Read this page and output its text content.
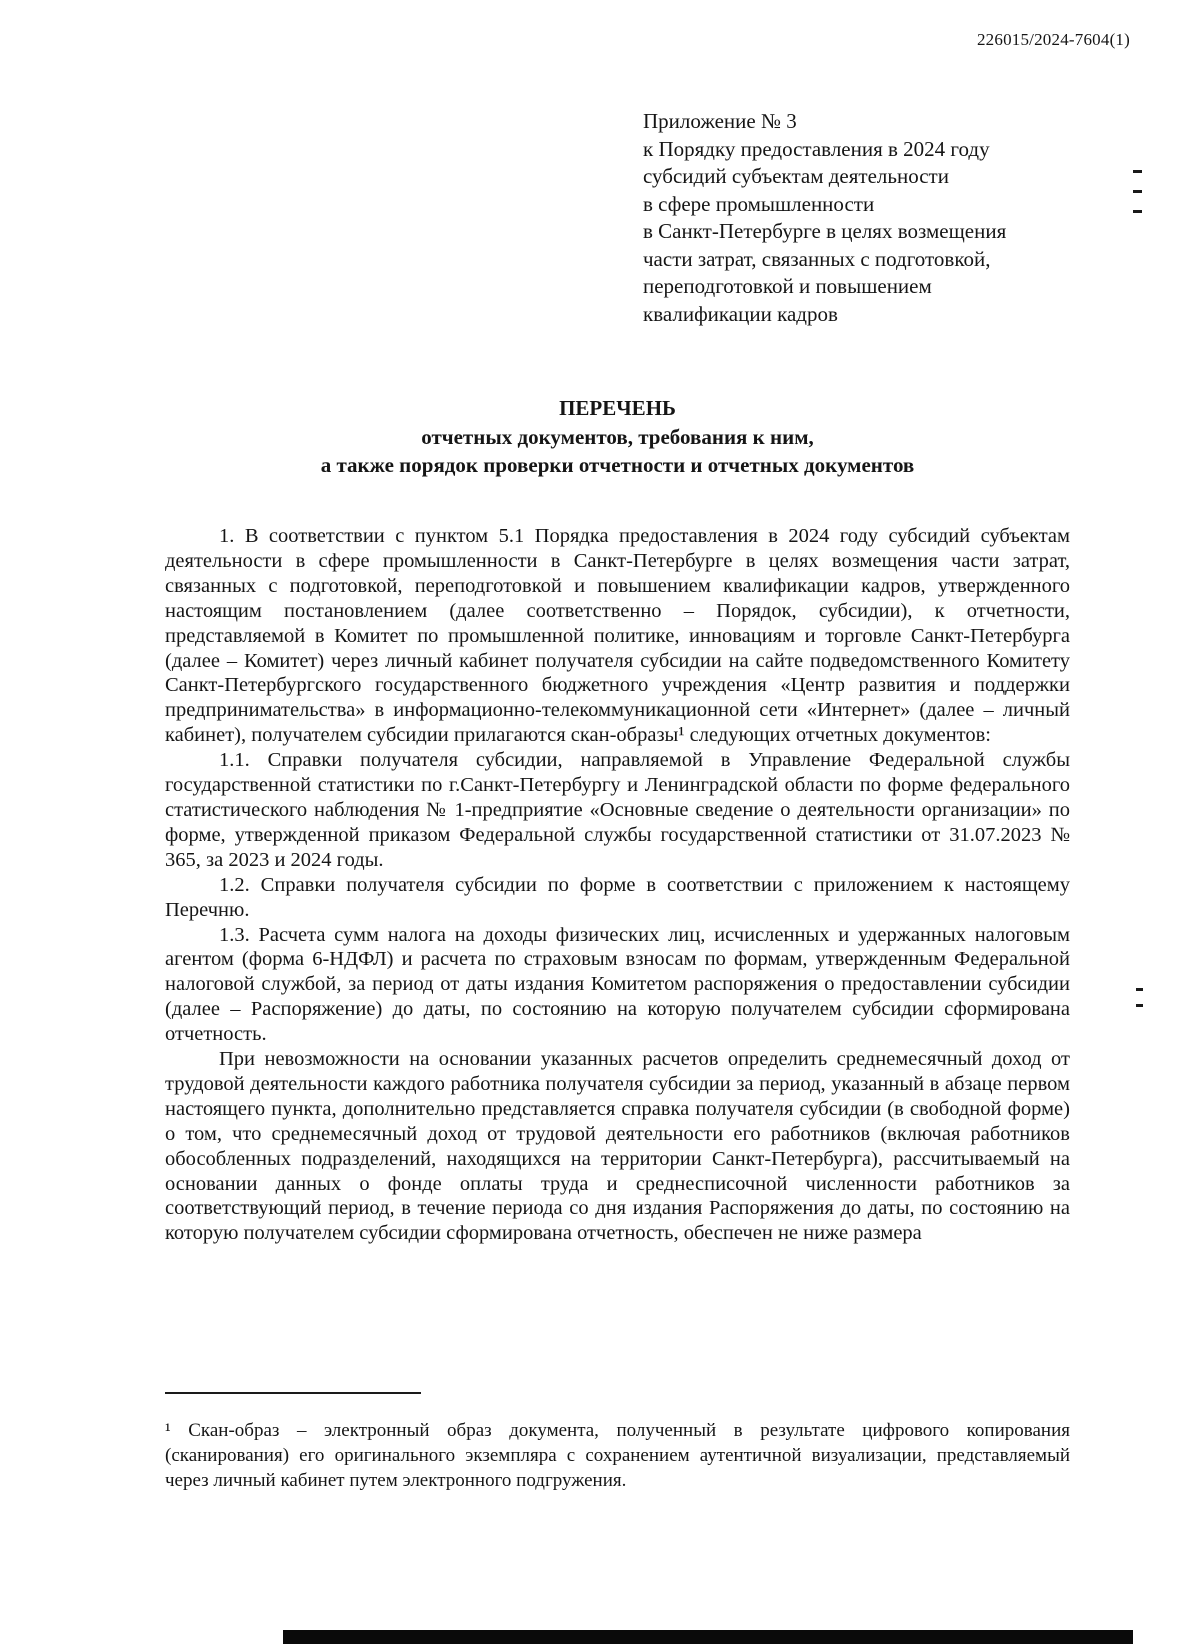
226015/2024-7604(1)
Приложение № 3
к Порядку предоставления в 2024 году
субсидий субъектам деятельности
в сфере промышленности
в Санкт-Петербурге в целях возмещения
части затрат, связанных с подготовкой,
переподготовкой и повышением
квалификации кадров
ПЕРЕЧЕНЬ
отчетных документов, требования к ним,
а также порядок проверки отчетности и отчетных документов

1. В соответствии с пунктом 5.1 Порядка предоставления в 2024 году субсидий субъектам деятельности в сфере промышленности в Санкт-Петербурге в целях возмещения части затрат, связанных с подготовкой, переподготовкой и повышением квалификации кадров, утвержденного настоящим постановлением (далее соответственно – Порядок, субсидии), к отчетности, представляемой в Комитет по промышленной политике, инновациям и торговле Санкт-Петербурга (далее – Комитет) через личный кабинет получателя субсидии на сайте подведомственного Комитету Санкт-Петербургского государственного бюджетного учреждения «Центр развития и поддержки предпринимательства» в информационно-телекоммуникационной сети «Интернет» (далее – личный кабинет), получателем субсидии прилагаются скан-образы¹ следующих отчетных документов:

1.1. Справки получателя субсидии, направляемой в Управление Федеральной службы государственной статистики по г.Санкт-Петербургу и Ленинградской области по форме федерального статистического наблюдения № 1-предприятие «Основные сведение о деятельности организации» по форме, утвержденной приказом Федеральной службы государственной статистики от 31.07.2023 № 365, за 2023 и 2024 годы.

1.2. Справки получателя субсидии по форме в соответствии с приложением к настоящему Перечню.

1.3. Расчета сумм налога на доходы физических лиц, исчисленных и удержанных налоговым агентом (форма 6-НДФЛ) и расчета по страховым взносам по формам, утвержденным Федеральной налоговой службой, за период от даты издания Комитетом распоряжения о предоставлении субсидии (далее – Распоряжение) до даты, по состоянию на которую получателем субсидии сформирована отчетность.

При невозможности на основании указанных расчетов определить среднемесячный доход от трудовой деятельности каждого работника получателя субсидии за период, указанный в абзаце первом настоящего пункта, дополнительно представляется справка получателя субсидии (в свободной форме) о том, что среднемесячный доход от трудовой деятельности его работников (включая работников обособленных подразделений, находящихся на территории Санкт-Петербурга), рассчитываемый на основании данных о фонде оплаты труда и среднесписочной численности работников за соответствующий период, в течение периода со дня издания Распоряжения до даты, по состоянию на которую получателем субсидии сформирована отчетность, обеспечен не ниже размера

¹ Скан-образ – электронный образ документа, полученный в результате цифрового копирования (сканирования) его оригинального экземпляра с сохранением аутентичной визуализации, представляемый через личный кабинет путем электронного подгружения.
